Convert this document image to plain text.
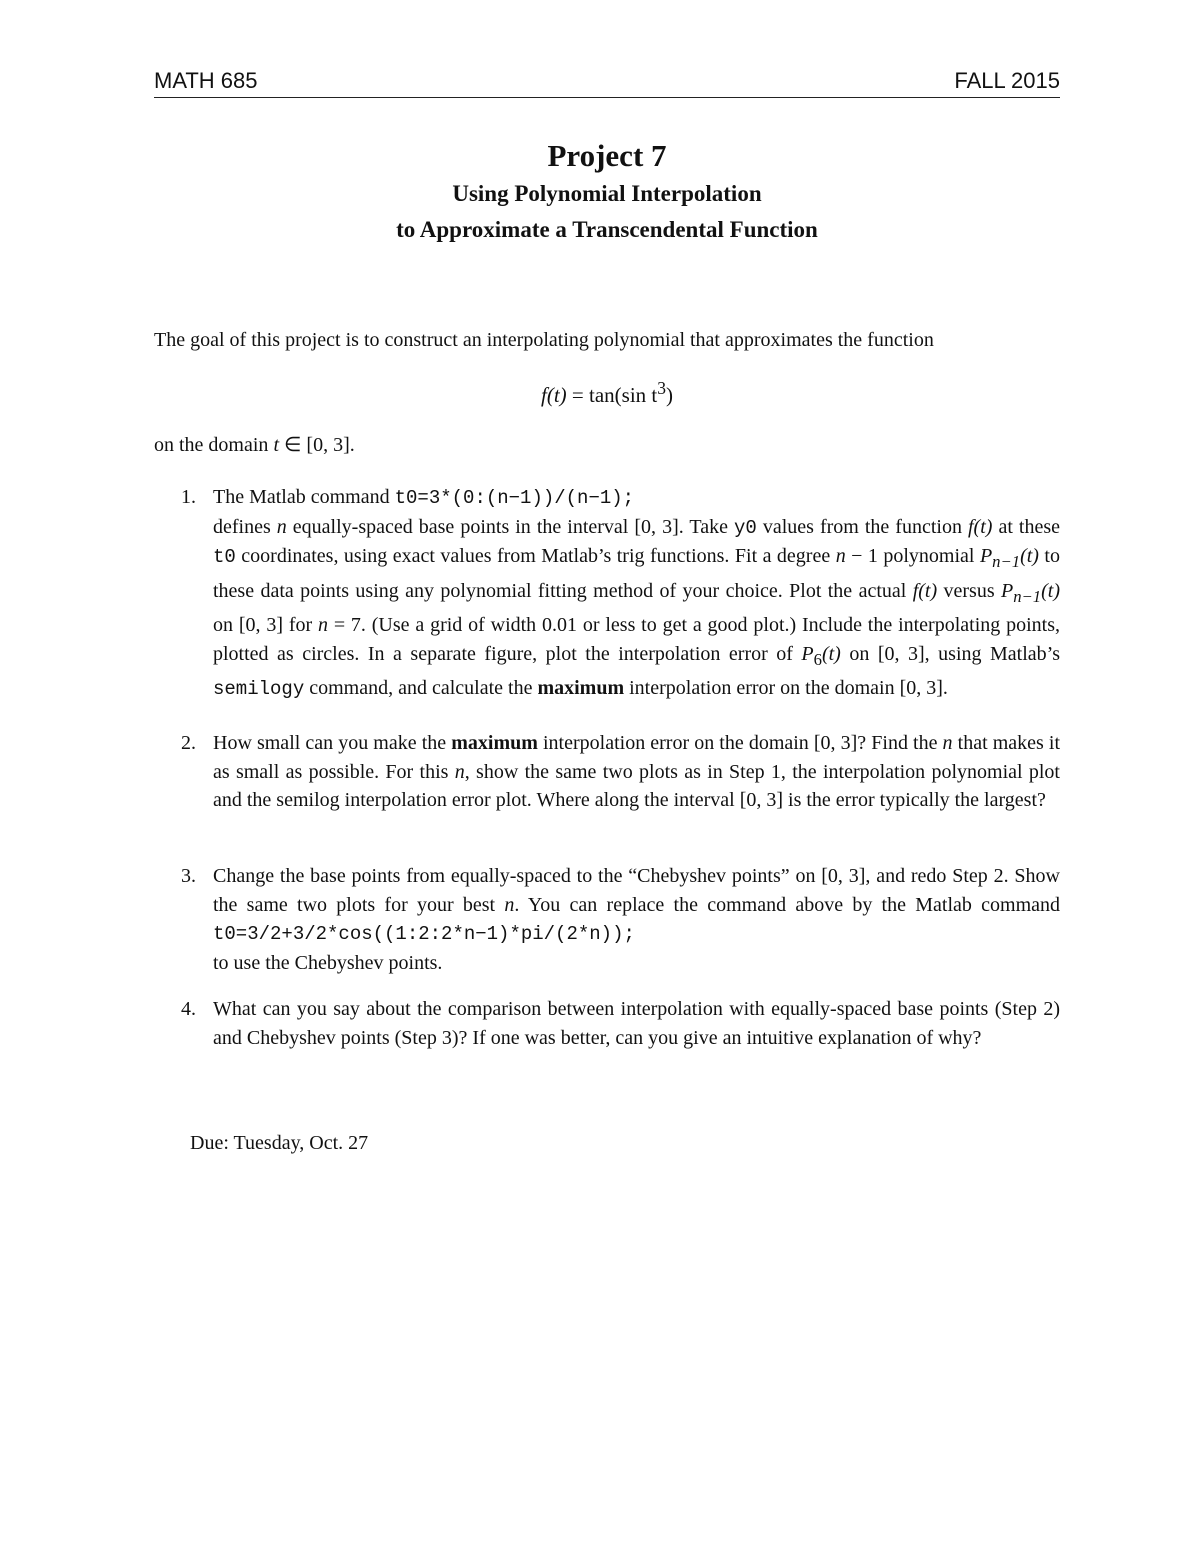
MATH 685	FALL 2015

Project 7

Using Polynomial Interpolation

to Approximate a Transcendental Function

The goal of this project is to construct an interpolating polynomial that approximates the function
f(t) = tan(sin $t^3$)
on the domain t ∈ [0, 3].
1. The Matlab command t0=3*(0:(n−1))/(n−1);
defines n equally-spaced base points in the interval [0, 3]. Take y0 values from the function f(t) at these t0 coordinates, using exact values from Matlab’s trig functions. Fit a degree n − 1 polynomial $P_{n-1}(t)$ to these data points using any polynomial fitting method of your choice. Plot the actual f(t) versus $P_{n-1}(t)$ on [0, 3] for n = 7. (Use a grid of width 0.01 or less to get a good plot.) Include the interpolating points, plotted as circles. In a separate figure, plot the interpolation error of $P_6(t)$ on [0, 3], using Matlab’s semilogy command, and calculate the maximum interpolation error on the domain [0, 3].
2. How small can you make the maximum interpolation error on the domain [0, 3]? Find the n that makes it as small as possible. For this n, show the same two plots as in Step 1, the interpolation polynomial plot and the semilog interpolation error plot. Where along the interval [0, 3] is the error typically the largest?
3. Change the base points from equally-spaced to the “Chebyshev points” on [0, 3], and redo Step 2. Show the same two plots for your best n. You can replace the command above by the Matlab command t0=3/2+3/2*cos((1:2:2*n−1)*pi/(2*n));
to use the Chebyshev points.
4. What can you say about the comparison between interpolation with equally-spaced base points (Step 2) and Chebyshev points (Step 3)? If one was better, can you give an intuitive explanation of why?
Due: Tuesday, Oct. 27
